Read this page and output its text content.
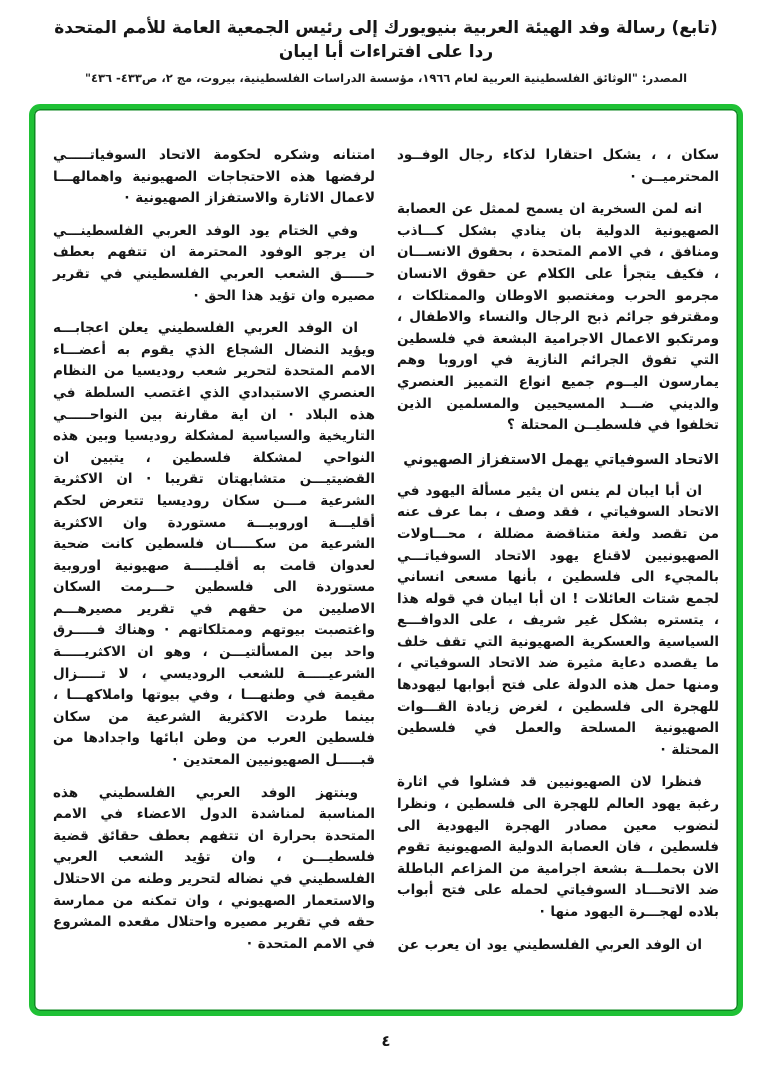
(تابع) رسالة وفد الهيئة العربية بنيويورك إلى رئيس الجمعية العامة للأمم المتحدة ردا على افتراءات أبا ايبان
المصدر: "الوثائق الفلسطينية العربية لعام ١٩٦٦، مؤسسة الدراسات الفلسطينية، بيروت، مج ٢، ص٤٣٣- ٤٣٦"

سكان ، ، يشكل احتقارا لذكاء رجال الوفــود المحترميــن ·

انه لمن السخرية ان يسمح لممثل عن العصابة الصهيونية الدولية بان ينادي بشكل كـــاذب ومنافق ، في الامم المتحدة ، بحقوق الانســـان ، فكيف يتجرأ على الكلام عن حقوق الانسان مجرمو الحرب ومغتصبو الاوطان والممتلكات ، ومقترفو جرائم ذبح الرجال والنساء والاطفال ، ومرتكبو الاعمال الاجرامية البشعة في فلسطين التي تفوق الجرائم النازية في اوروبا وهم يمارسون اليــوم جميع انواع التمييز العنصري والديني ضـــد المسيحيين والمسلمين الذين تخلفوا في فلسطيــن المحتلة ؟

الاتحاد السوفياتي يهمل الاستفزاز الصهيوني

ان أبا ايبان لم ينس ان يثير مسألة اليهود في الاتحاد السوفياتي ، فقد وصف ، بما عرف عنه من تقصد ولغة متناقضة مضللة ، محـــاولات الصهيونيين لاقناع يهود الاتحاد السوفياتـــي بالمجيء الى فلسطين ، بأنها مسعى انساني لجمع شتات العائلات ! ان أبا ايبان في قوله هذا ، يتستره بشكل غير شريف ، على الدوافـــع السياسية والعسكرية الصهيونية التي تقف خلف ما يقصده دعاية مثيرة ضد الاتحاد السوفياتي ، ومنها حمل هذه الدولة على فتح أبوابها ليهودها للهجرة الى فلسطين ، لغرض زيادة القـــوات الصهيونية المسلحة والعمل في فلسطين المحتلة ·

فنظرا لان الصهيونيين قد فشلوا في اثارة رغبة يهود العالم للهجرة الى فلسطين ، ونظرا لنضوب معين مصادر الهجرة اليهودية الى فلسطين ، فان العصابة الدولية الصهيونية تقوم الان بحملـــة بشعة اجرامية من المزاعم الباطلة ضد الاتحـــاد السوفياتي لحمله على فتح أبواب بلاده لهجـــرة اليهود منها ·

ان الوفد العربي الفلسطيني يود ان يعرب عن

امتنانه وشكره لحكومة الاتحاد السوفياتـــــي لرفضها هذه الاحتجاجات الصهيونية واهمالهـــا لاعمال الاثارة والاستفزاز الصهيونية ·

وفي الختام يود الوفد العربي الفلسطينـــي ان يرجو الوفود المحترمة ان تتفهم بعطف حـــــق الشعب العربي الفلسطيني في تقرير مصيره وان تؤيد هذا الحق ·

ان الوفد العربي الفلسطيني يعلن اعجابـــه ويؤيد النضال الشجاع الذي يقوم به أعضـــاء الامم المتحدة لتحرير شعب روديسيا من النظام العنصري الاستبدادي الذي اغتصب السلطة في هذه البلاد · ان اية مقارنة بين النواحـــــي التاريخية والسياسية لمشكلة روديسيا وبين هذه النواحي لمشكلة فلسطين ، يتبين ان القضيتيـــن متشابهتان تقريبا · ان الاكثرية الشرعية مـــن سكان روديسيا تتعرض لحكم أقليـــة اوروبيـــة مستوردة وان الاكثرية الشرعية من سكـــــان فلسطين كانت ضحية لعدوان قامت به أقليـــــة صهيونية اوروبية مستوردة الى فلسطين حـــرمت السكان الاصليين من حقهم في تقرير مصيرهـــم واغتصبت بيوتهم وممتلكاتهم · وهناك فـــــرق واحد بين المسألتيـــن ، وهو ان الاكثريـــــة الشرعيـــــة للشعب الروديسي ، لا تـــــزال مقيمة في وطنهـــا ، وفي بيوتها واملاكهـــا ، بينما طردت الاكثرية الشرعية من سكان فلسطين العرب من وطن ابائها واجدادها من قبـــــل الصهيونيين المعتدين ·

وينتهز الوفد العربي الفلسطيني هذه المناسبة لمناشدة الدول الاعضاء في الامم المتحدة بحرارة ان تتفهم بعطف حقائق قضية فلسطيـــن ، وان تؤيد الشعب العربي الفلسطيني في نضاله لتحرير وطنه من الاحتلال والاستعمار الصهيوني ، وان تمكنه من ممارسة حقه في تقرير مصيره واحتلال مقعده المشروع في الامم المتحدة ·

٤
